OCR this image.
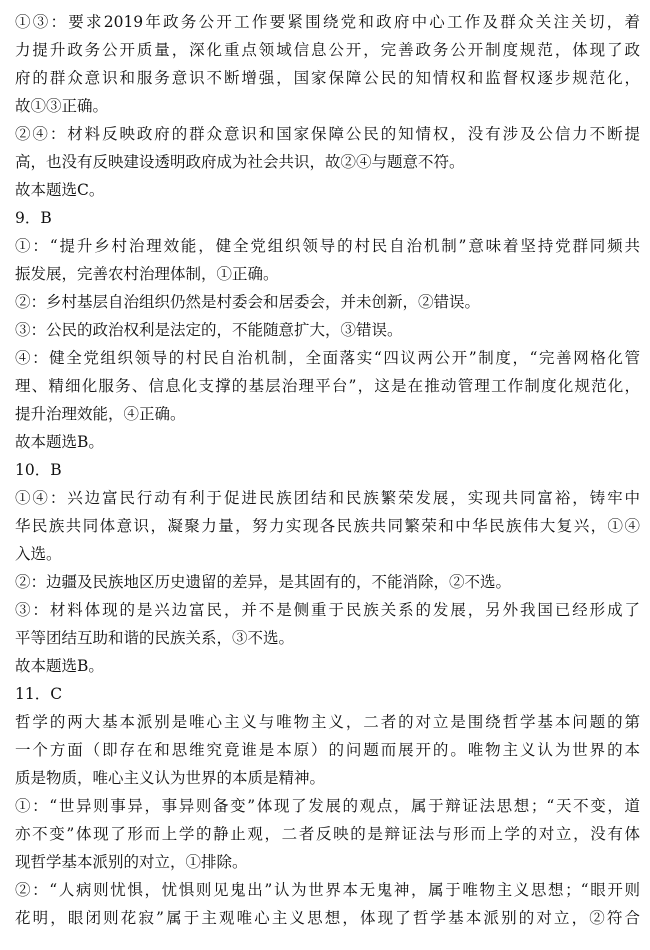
①③：要求2019年政务公开工作要紧围绕党和政府中心工作及群众关注关切，着
力提升政务公开质量，深化重点领域信息公开，完善政务公开制度规范，体现了政
府的群众意识和服务意识不断增强，国家保障公民的知情权和监督权逐步规范化，
故①③正确。
②④：材料反映政府的群众意识和国家保障公民的知情权，没有涉及公信力不断提
高，也没有反映建设透明政府成为社会共识，故②④与题意不符。
故本题选C。
9．B
①：“提升乡村治理效能，健全党组织领导的村民自治机制”意味着坚持党群同频共
振发展，完善农村治理体制，①正确。
②：乡村基层自治组织仍然是村委会和居委会，并未创新，②错误。
③：公民的政治权利是法定的，不能随意扩大，③错误。
④：健全党组织领导的村民自治机制，全面落实“四议两公开”制度，“完善网格化管
理、精细化服务、信息化支撑的基层治理平台”，这是在推动管理工作制度化规范化，
提升治理效能，④正确。
故本题选B。
10．B
①④：兴边富民行动有利于促进民族团结和民族繁荣发展，实现共同富裕，铸牢中
华民族共同体意识，凝聚力量，努力实现各民族共同繁荣和中华民族伟大复兴，①④
入选。
②：边疆及民族地区历史遗留的差异，是其固有的，不能消除，②不选。
③：材料体现的是兴边富民，并不是侧重于民族关系的发展，另外我国已经形成了
平等团结互助和谐的民族关系，③不选。
故本题选B。
11．C
哲学的两大基本派别是唯心主义与唯物主义，二者的对立是围绕哲学基本问题的第
一个方面（即存在和思维究竟谁是本原）的问题而展开的。唯物主义认为世界的本
质是物质，唯心主义认为世界的本质是精神。
①：“世异则事异，事异则备变”体现了发展的观点，属于辩证法思想；“天不变，道
亦不变”体现了形而上学的静止观，二者反映的是辩证法与形而上学的对立，没有体
现哲学基本派别的对立，①排除。
②：“人病则忧惧，忧惧则见鬼出”认为世界本无鬼神，属于唯物主义思想；“眼开则
花明，眼闭则花寂”属于主观唯心主义思想，体现了哲学基本派别的对立，②符合
